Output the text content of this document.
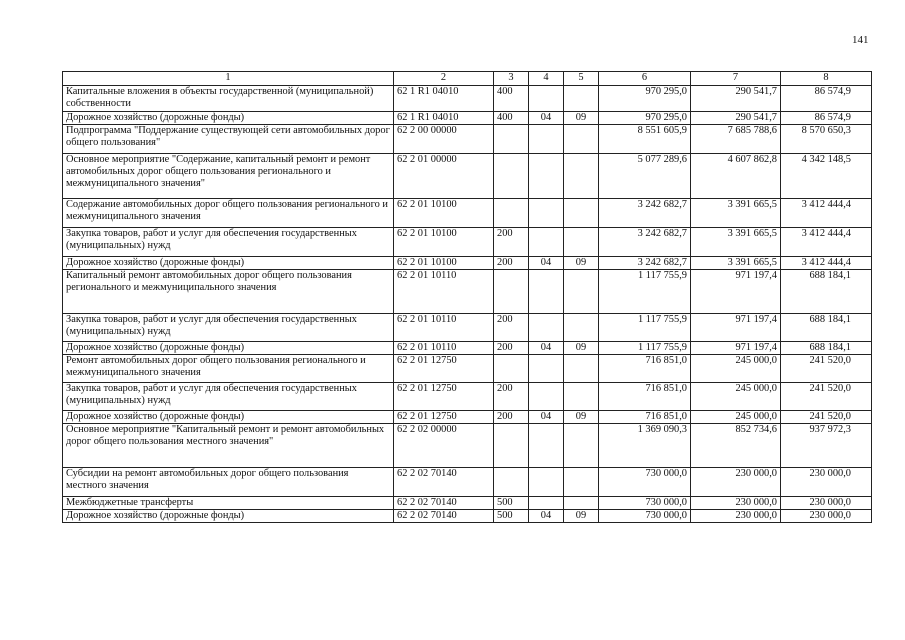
141
1	2	3	4	5	6	7	8
Капитальные вложения в объекты государственной (муниципальной) собственности	62 1 R1 04010	400			970 295,0	290 541,7	86 574,9
Дорожное хозяйство (дорожные фонды)	62 1 R1 04010	400	04	09	970 295,0	290 541,7	86 574,9
Подпрограмма "Поддержание существующей сети автомобильных дорог общего пользования"	62 2 00 00000				8 551 605,9	7 685 788,6	8 570 650,3
Основное мероприятие "Содержание, капитальный ремонт и ремонт автомобильных дорог общего пользования регионального и межмуниципального значения"	62 2 01 00000				5 077 289,6	4 607 862,8	4 342 148,5
Содержание автомобильных дорог общего пользования регионального и межмуниципального значения	62 2 01 10100				3 242 682,7	3 391 665,5	3 412 444,4
Закупка товаров, работ и услуг для обеспечения государственных (муниципальных) нужд	62 2 01 10100	200			3 242 682,7	3 391 665,5	3 412 444,4
Дорожное хозяйство (дорожные фонды)	62 2 01 10100	200	04	09	3 242 682,7	3 391 665,5	3 412 444,4
Капитальный ремонт автомобильных дорог общего пользования регионального и межмуниципального значения	62 2 01 10110				1 117 755,9	971 197,4	688 184,1
Закупка товаров, работ и услуг для обеспечения государственных (муниципальных) нужд	62 2 01 10110	200			1 117 755,9	971 197,4	688 184,1
Дорожное хозяйство (дорожные фонды)	62 2 01 10110	200	04	09	1 117 755,9	971 197,4	688 184,1
Ремонт автомобильных дорог общего пользования регионального и межмуниципального значения	62 2 01 12750				716 851,0	245 000,0	241 520,0
Закупка товаров, работ и услуг для обеспечения государственных (муниципальных) нужд	62 2 01 12750	200			716 851,0	245 000,0	241 520,0
Дорожное хозяйство (дорожные фонды)	62 2 01 12750	200	04	09	716 851,0	245 000,0	241 520,0
Основное мероприятие "Капитальный ремонт и ремонт автомобильных дорог общего пользования местного значения"	62 2 02 00000				1 369 090,3	852 734,6	937 972,3
Субсидии на ремонт автомобильных дорог общего пользования местного значения	62 2 02 70140				730 000,0	230 000,0	230 000,0
Межбюджетные трансферты	62 2 02 70140	500			730 000,0	230 000,0	230 000,0
Дорожное хозяйство (дорожные фонды)	62 2 02 70140	500	04	09	730 000,0	230 000,0	230 000,0
